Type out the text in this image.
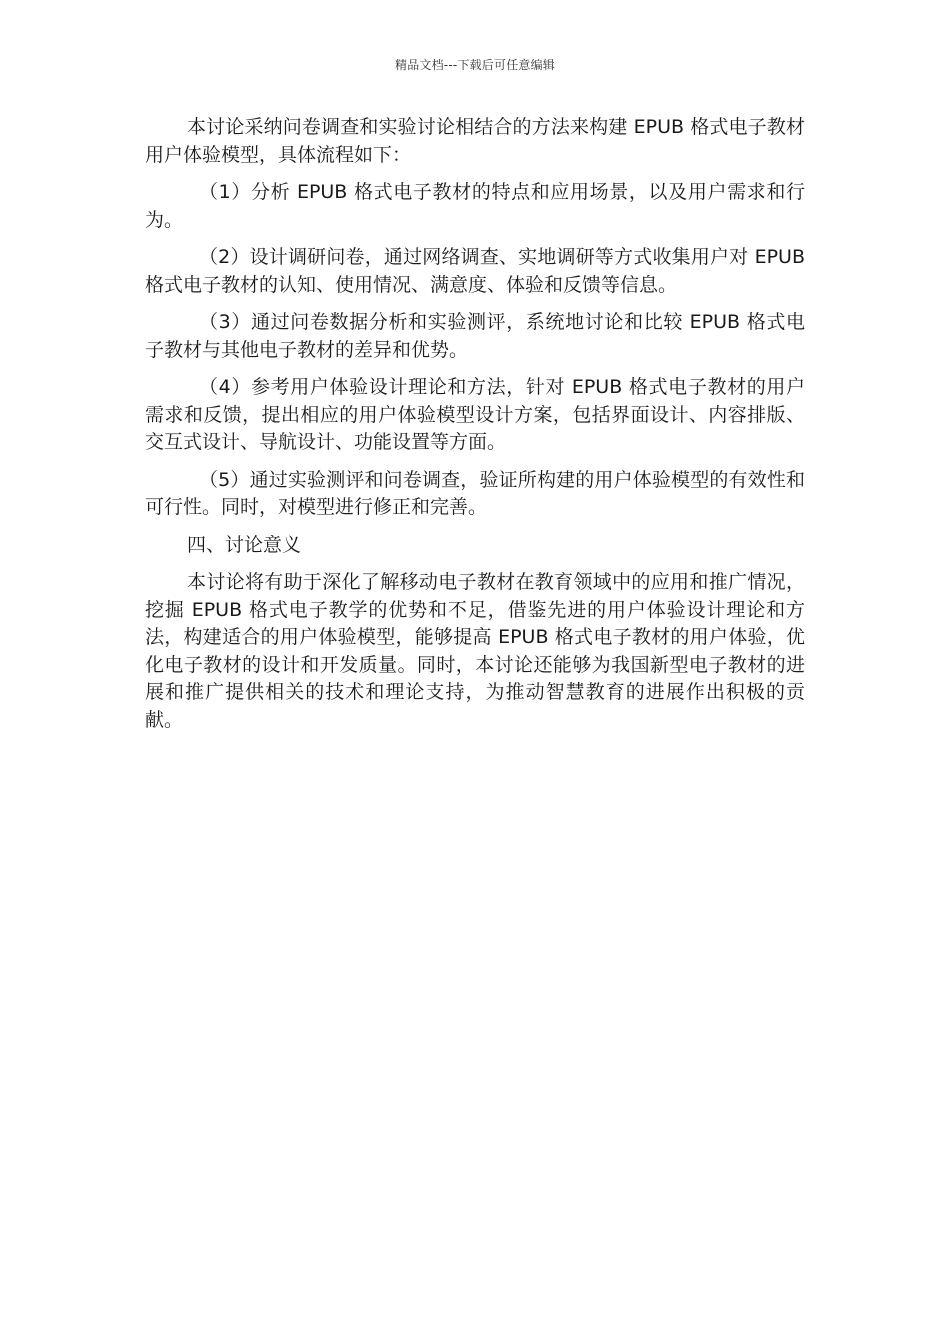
精品文档---下载后可任意编辑

本讨论采纳问卷调查和实验讨论相结合的方法来构建 EPUB 格式电子教材用户体验模型，具体流程如下：

（1）分析 EPUB 格式电子教材的特点和应用场景，以及用户需求和行为。

（2）设计调研问卷，通过网络调查、实地调研等方式收集用户对 EPUB 格式电子教材的认知、使用情况、满意度、体验和反馈等信息。

（3）通过问卷数据分析和实验测评，系统地讨论和比较 EPUB 格式电子教材与其他电子教材的差异和优势。

（4）参考用户体验设计理论和方法，针对 EPUB 格式电子教材的用户需求和反馈，提出相应的用户体验模型设计方案，包括界面设计、内容排版、交互式设计、导航设计、功能设置等方面。

（5）通过实验测评和问卷调查，验证所构建的用户体验模型的有效性和可行性。同时，对模型进行修正和完善。

四、讨论意义

本讨论将有助于深化了解移动电子教材在教育领域中的应用和推广情况，挖掘 EPUB 格式电子教学的优势和不足，借鉴先进的用户体验设计理论和方法，构建适合的用户体验模型，能够提高 EPUB 格式电子教材的用户体验，优化电子教材的设计和开发质量。同时，本讨论还能够为我国新型电子教材的进展和推广提供相关的技术和理论支持，为推动智慧教育的进展作出积极的贡献。
